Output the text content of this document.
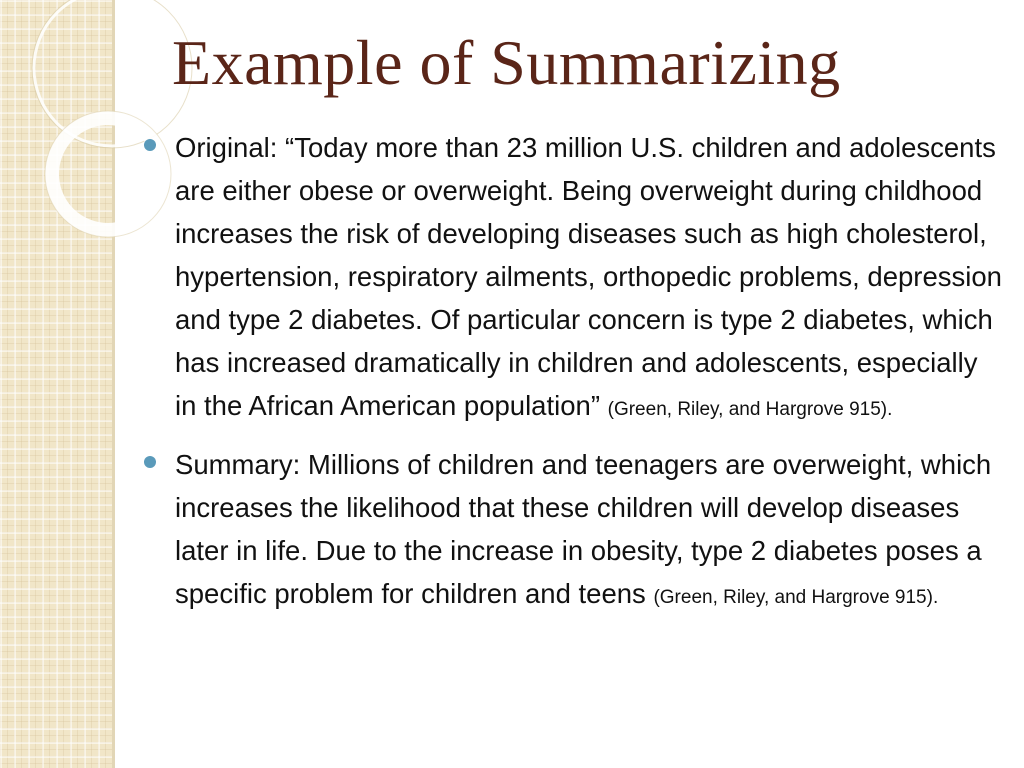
Example of Summarizing
Original: “Today more than 23 million U.S. children and adolescents are either obese or overweight. Being overweight during childhood increases the risk of developing diseases such as high cholesterol, hypertension, respiratory ailments, orthopedic problems, depression and type 2 diabetes. Of particular concern is type 2 diabetes, which has increased dramatically in children and adolescents, especially in the African American population” (Green, Riley, and Hargrove 915).
Summary: Millions of children and teenagers are overweight, which increases the likelihood that these children will develop diseases later in life. Due to the increase in obesity, type 2 diabetes poses a specific problem for children and teens (Green, Riley, and Hargrove 915).
